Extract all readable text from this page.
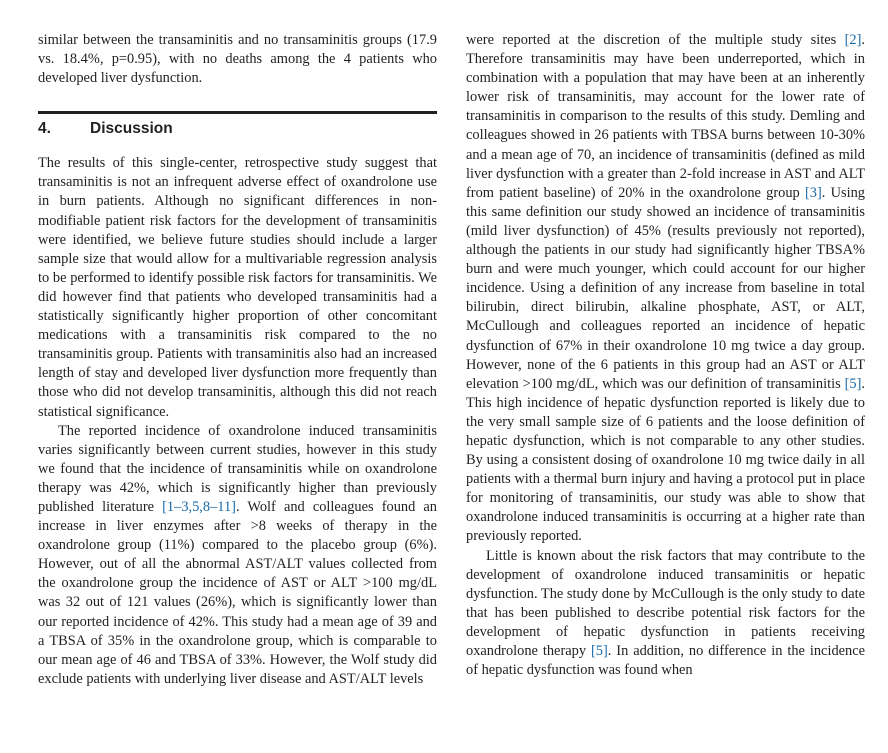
similar between the transaminitis and no transaminitis groups (17.9 vs. 18.4%, p=0.95), with no deaths among the 4 patients who developed liver dysfunction.

4.	Discussion

The results of this single-center, retrospective study suggest that transaminitis is not an infrequent adverse effect of oxandrolone use in burn patients. Although no significant differences in non-modifiable patient risk factors for the development of transaminitis were identified, we believe future studies should include a larger sample size that would allow for a multivariable regression analysis to be performed to identify possible risk factors for transaminitis. We did however find that patients who developed transaminitis had a statistically significantly higher proportion of other concomitant medications with a transaminitis risk compared to the no transaminitis group. Patients with transaminitis also had an increased length of stay and developed liver dysfunction more frequently than those who did not develop transaminitis, although this did not reach statistical significance.

The reported incidence of oxandrolone induced transaminitis varies significantly between current studies, however in this study we found that the incidence of transaminitis while on oxandrolone therapy was 42%, which is significantly higher than previously published literature [1–3,5,8–11]. Wolf and colleagues found an increase in liver enzymes after >8 weeks of therapy in the oxandrolone group (11%) compared to the placebo group (6%). However, out of all the abnormal AST/ALT values collected from the oxandrolone group the incidence of AST or ALT >100 mg/dL was 32 out of 121 values (26%), which is significantly lower than our reported incidence of 42%. This study had a mean age of 39 and a TBSA of 35% in the oxandrolone group, which is comparable to our mean age of 46 and TBSA of 33%. However, the Wolf study did exclude patients with underlying liver disease and AST/ALT levels

were reported at the discretion of the multiple study sites [2]. Therefore transaminitis may have been underreported, which in combination with a population that may have been at an inherently lower risk of transaminitis, may account for the lower rate of transaminitis in comparison to the results of this study. Demling and colleagues showed in 26 patients with TBSA burns between 10-30% and a mean age of 70, an incidence of transaminitis (defined as mild liver dysfunction with a greater than 2-fold increase in AST and ALT from patient baseline) of 20% in the oxandrolone group [3]. Using this same definition our study showed an incidence of transaminitis (mild liver dysfunction) of 45% (results previously not reported), although the patients in our study had significantly higher TBSA% burn and were much younger, which could account for our higher incidence. Using a definition of any increase from baseline in total bilirubin, direct bilirubin, alkaline phosphate, AST, or ALT, McCullough and colleagues reported an incidence of hepatic dysfunction of 67% in their oxandrolone 10 mg twice a day group. However, none of the 6 patients in this group had an AST or ALT elevation >100 mg/dL, which was our definition of transaminitis [5]. This high incidence of hepatic dysfunction reported is likely due to the very small sample size of 6 patients and the loose definition of hepatic dysfunction, which is not comparable to any other studies. By using a consistent dosing of oxandrolone 10 mg twice daily in all patients with a thermal burn injury and having a protocol put in place for monitoring of transaminitis, our study was able to show that oxandrolone induced transaminitis is occurring at a higher rate than previously reported.

Little is known about the risk factors that may contribute to the development of oxandrolone induced transaminitis or hepatic dysfunction. The study done by McCullough is the only study to date that has been published to describe potential risk factors for the development of hepatic dysfunction in patients receiving oxandrolone therapy [5]. In addition, no difference in the incidence of hepatic dysfunction was found when
